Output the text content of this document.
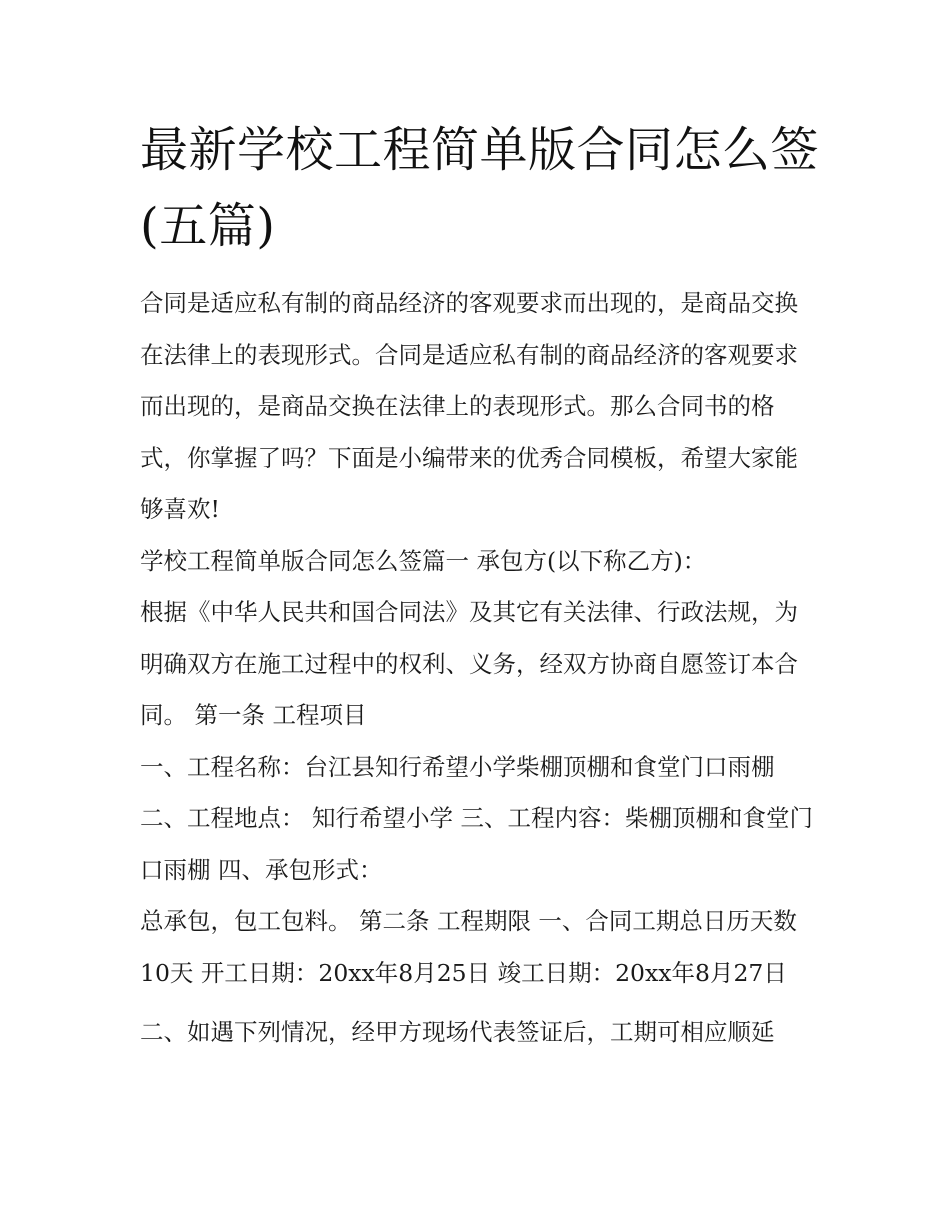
最新学校工程简单版合同怎么签(五篇)

合同是适应私有制的商品经济的客观要求而出现的，是商品交换在法律上的表现形式。合同是适应私有制的商品经济的客观要求而出现的，是商品交换在法律上的表现形式。那么合同书的格式，你掌握了吗？下面是小编带来的优秀合同模板，希望大家能够喜欢!

学校工程简单版合同怎么签篇一 承包方(以下称乙方)：

根据《中华人民共和国合同法》及其它有关法律、行政法规，为明确双方在施工过程中的权利、义务，经双方协商自愿签订本合同。 第一条 工程项目

一、工程名称：台江县知行希望小学柴棚顶棚和食堂门口雨棚

二、工程地点： 知行希望小学 三、工程内容：柴棚顶棚和食堂门口雨棚 四、承包形式：

总承包，包工包料。 第二条 工程期限 一、合同工期总日历天数10天 开工日期：20xx年8月25日 竣工日期：20xx年8月27日

二、如遇下列情况，经甲方现场代表签证后，工期可相应顺延
